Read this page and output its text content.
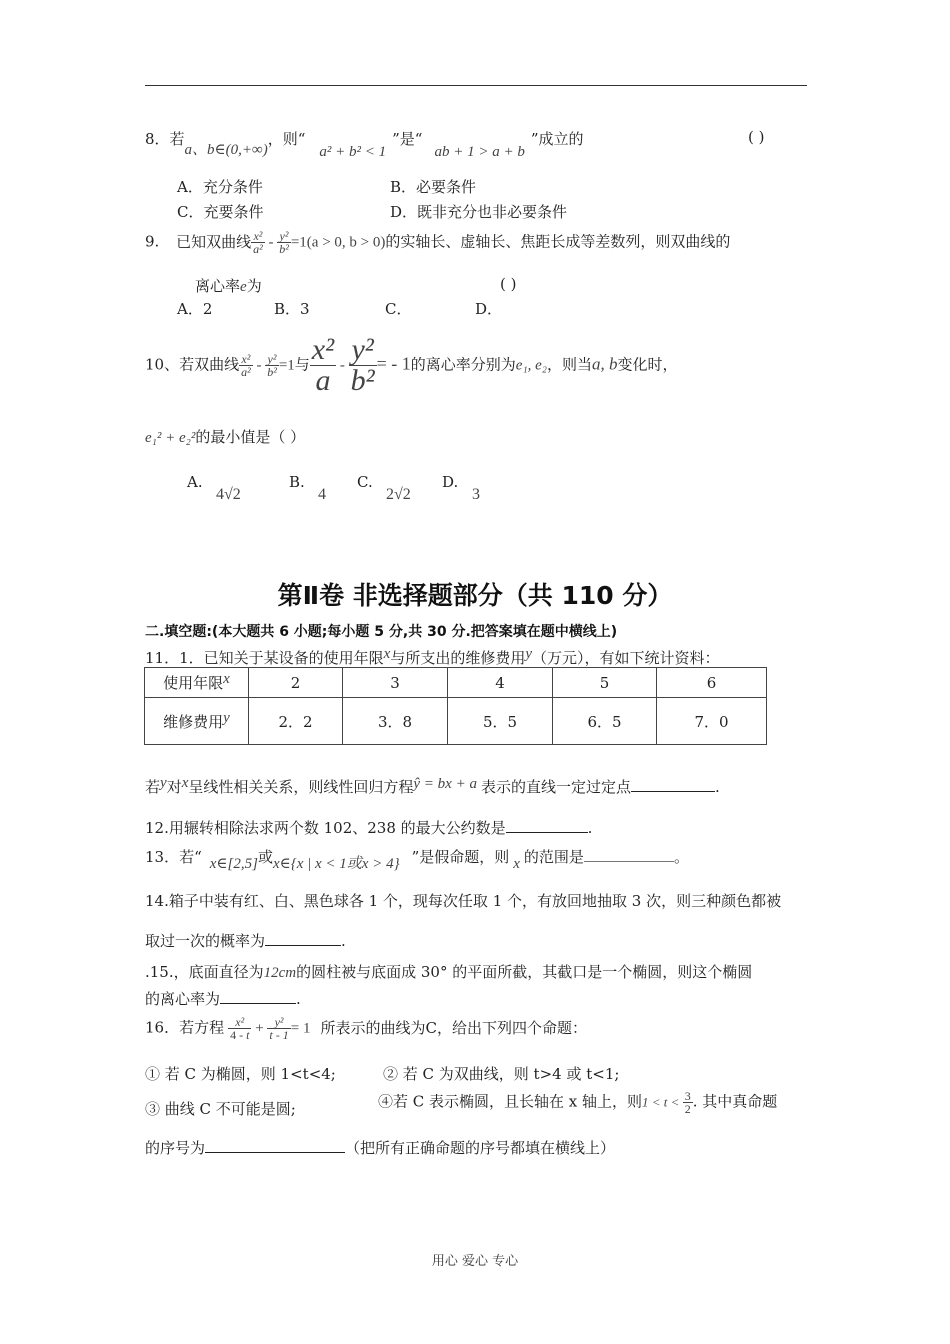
8．若a、b∈(0,+∞)，则“a² + b² < 1”是“ab + 1 > a + b”成立的	( )
A．充分条件	B．必要条件
C．充要条件	D．既非充分也非必要条件
9. 已知双曲线 $\frac{\text{x²}}{\text{a²}} - \frac{\text{y²}}{\text{b²}} =1(a > 0$, b > 0)的实轴长、虚轴长、焦距长成等差数列，则双曲线的
离心率e为	( )
A．2	B．3	C．	D．
10、若双曲线 $\frac{\text{x²}}{\text{a²}} - \frac{\text{y²}}{\text{b²}} =1$与 $\frac{\text{x²}}{a} - \frac{\text{y²}}{\text{b²}}$ = - 1的离心率分别为e₁, e₂，则当a, b变化时，
e₁² + e₂²的最小值是（ ）
A.
4√2
B.
4
C.
2√2
D.
3
第Ⅱ卷 非选择题部分（共 110 分）
二.填空题:(本大题共 6 小题;每小题 5 分,共 30 分.把答案填在题中横线上)
11．1．已知关于某设备的使用年限x与所支出的维修费用y（万元），有如下统计资料：
使用年限x	2	3	4	5	6
维修费用y	2．2	3．8	5．5	6．5	7．0
若y对x呈线性相关关系，则线性回归方程ŷ = bx + a 表示的直线一定过定点	.
12.用辗转相除法求两个数 102、238 的最大公约数是	.
13．若“ x∈[2,5]或x∈{x | x < 1或x > 4} ”是假命题，则 x 的范围是	。
14.箱子中装有红、白、黑色球各 1 个，现每次任取 1 个，有放回地抽取 3 次，则三种颜色都被
取过一次的概率为	.
.15.，底面直径为12cm的圆柱被与底面成 30° 的平面所截，其截口是一个椭圆，则这个椭圆
的离心率为	.
16．若方程 $\frac{\text{x²}}{4 - t} + \frac{\text{y²}}{t - 1} = 1$ 所表示的曲线为C，给出下列四个命题：
① 若 C 为椭圆，则 1<t<4;	② 若 C 为双曲线，则 t>4 或 t<1;
③ 曲线 C 不可能是圆;	④若 C 表示椭圆，且长轴在 x 轴上，则$1 < t < \frac{3}{2}$ . 其中真命题
的序号为	（把所有正确命题的序号都填在横线上）
用心 爱心 专心
